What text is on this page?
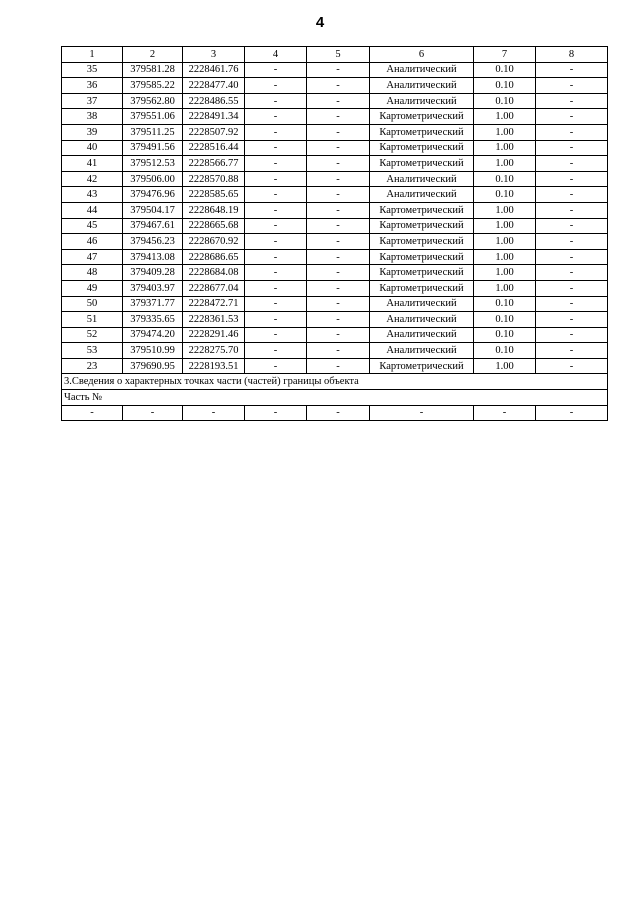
4
1	2	3	4	5	6	7	8
35	379581.28	2228461.76	-	-	Аналитический	0.10	-
36	379585.22	2228477.40	-	-	Аналитический	0.10	-
37	379562.80	2228486.55	-	-	Аналитический	0.10	-
38	379551.06	2228491.34	-	-	Картометрический	1.00	-
39	379511.25	2228507.92	-	-	Картометрический	1.00	-
40	379491.56	2228516.44	-	-	Картометрический	1.00	-
41	379512.53	2228566.77	-	-	Картометрический	1.00	-
42	379506.00	2228570.88	-	-	Аналитический	0.10	-
43	379476.96	2228585.65	-	-	Аналитический	0.10	-
44	379504.17	2228648.19	-	-	Картометрический	1.00	-
45	379467.61	2228665.68	-	-	Картометрический	1.00	-
46	379456.23	2228670.92	-	-	Картометрический	1.00	-
47	379413.08	2228686.65	-	-	Картометрический	1.00	-
48	379409.28	2228684.08	-	-	Картометрический	1.00	-
49	379403.97	2228677.04	-	-	Картометрический	1.00	-
50	379371.77	2228472.71	-	-	Аналитический	0.10	-
51	379335.65	2228361.53	-	-	Аналитический	0.10	-
52	379474.20	2228291.46	-	-	Аналитический	0.10	-
53	379510.99	2228275.70	-	-	Аналитический	0.10	-
23	379690.95	2228193.51	-	-	Картометрический	1.00	-
3.Сведения о характерных точках части (частей) границы объекта							
Часть №							
-	-	-	-	-	-	-	-
